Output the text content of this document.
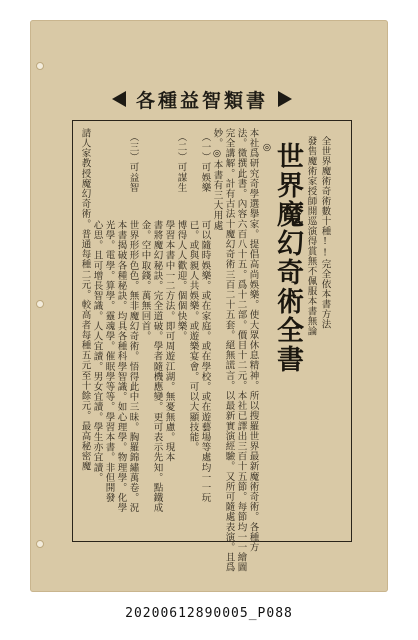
各種益智類書
全世界魔術奇術數十種!!完全依本書方法
發售魔術家授師開巡演得賞無不佩服本書無論
世界魔幻奇術全書
◎
本社爲研究奇學選擧家。提倡高尚娛樂。使大眾休息精神。所以搜羅世界最新魔術奇術。各種方
法。微撰此書。內容六百八十五。爲十二部。價目十二元。本社已譯出三百十五節。每節均一一繪圖
完全講解。計有古法十魔幻奇術三百二十五套。絕無謊言。以最新實演經驗。又所可隨處表演。且爲
妙。◎本書有三大用處
（一）可娛樂
可以隨時娛樂。或在家庭。或在學校。或在遊藝場等處均一一玩
已。或與親人共娛樂。或遊樂宴會。可以大顯技能。
（二）可謀生
博得人人歡迎。個個快樂。
學習本書中一二方法。即可周遊江湖。無憂無慮。現本
書將魔幻秘訣。完全道破。學者隨機應變。更可表示先知。點鐵成
金。空中取錢。萬無回首。
（三）可益智
世界形形色色。無非魔幻奇術。悟得此中三昧。胸羅錦繡萬卷。況
本書揭破各種秘訣。均具各種科學智識。如心理學。物理學。化學
光學。電學。算學。靈魂學。催眠學等等。學習本書。非但開發
心思。且可增長智識。人人宜讀。男女宜讀。學生亦宜讀。
請人家教授魔幻奇術。普通每種二元。較高者每種五元至十餘元。最高秘密魔
20200612890005_P088
